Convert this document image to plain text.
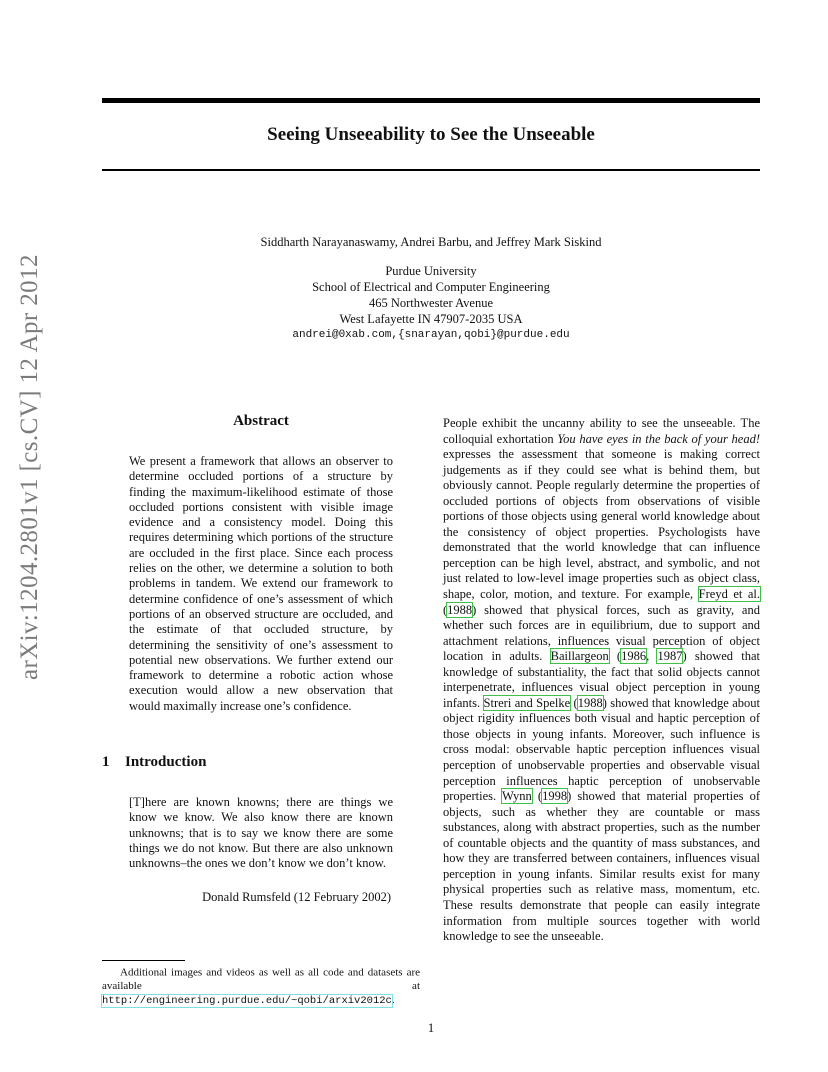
arXiv:1204.2801v1 [cs.CV] 12 Apr 2012
Seeing Unseeability to See the Unseeable
Siddharth Narayanaswamy, Andrei Barbu, and Jeffrey Mark Siskind
Purdue University
School of Electrical and Computer Engineering
465 Northwester Avenue
West Lafayette IN 47907-2035 USA
andrei@0xab.com,{snarayan,qobi}@purdue.edu
Abstract

We present a framework that allows an observer to determine occluded portions of a structure by finding the maximum-likelihood estimate of those occluded portions consistent with visible image evidence and a consistency model. Doing this requires determining which portions of the structure are occluded in the first place. Since each process relies on the other, we determine a solution to both problems in tandem. We extend our framework to determine confidence of one’s assessment of which portions of an observed structure are occluded, and the estimate of that occluded structure, by determining the sensitivity of one’s assessment to potential new observations. We further extend our framework to determine a robotic action whose execution would allow a new observation that would maximally increase one’s confidence.

1 Introduction

[T]here are known knowns; there are things we know we know. We also know there are known unknowns; that is to say we know there are some things we do not know. But there are also unknown unknowns–the ones we don’t know we don’t know.

Donald Rumsfeld (12 February 2002)
Additional images and videos as well as all code and datasets are available at http://engineering.purdue.edu/~qobi/arxiv2012c.

People exhibit the uncanny ability to see the unseeable. The colloquial exhortation You have eyes in the back of your head! expresses the assessment that someone is making correct judgements as if they could see what is behind them, but obviously cannot. People regularly determine the properties of occluded portions of objects from observations of visible portions of those objects using general world knowledge about the consistency of object properties. Psychologists have demonstrated that the world knowledge that can influence perception can be high level, abstract, and symbolic, and not just related to low-level image properties such as object class, shape, color, motion, and texture. For example, Freyd et al. (1988) showed that physical forces, such as gravity, and whether such forces are in equilibrium, due to support and attachment relations, influences visual perception of object location in adults. Baillargeon (1986, 1987) showed that knowledge of substantiality, the fact that solid objects cannot interpenetrate, influences visual object perception in young infants. Streri and Spelke (1988) showed that knowledge about object rigidity influences both visual and haptic perception of those objects in young infants. Moreover, such influence is cross modal: observable haptic perception influences visual perception of unobservable properties and observable visual perception influences haptic perception of unobservable properties. Wynn (1998) showed that material properties of objects, such as whether they are countable or mass substances, along with abstract properties, such as the number of countable objects and the quantity of mass substances, and how they are transferred between containers, influences visual perception in young infants. Similar results exist for many physical properties such as relative mass, momentum, etc. These results demonstrate that people can easily integrate information from multiple sources together with world knowledge to see the unseeable.

1
